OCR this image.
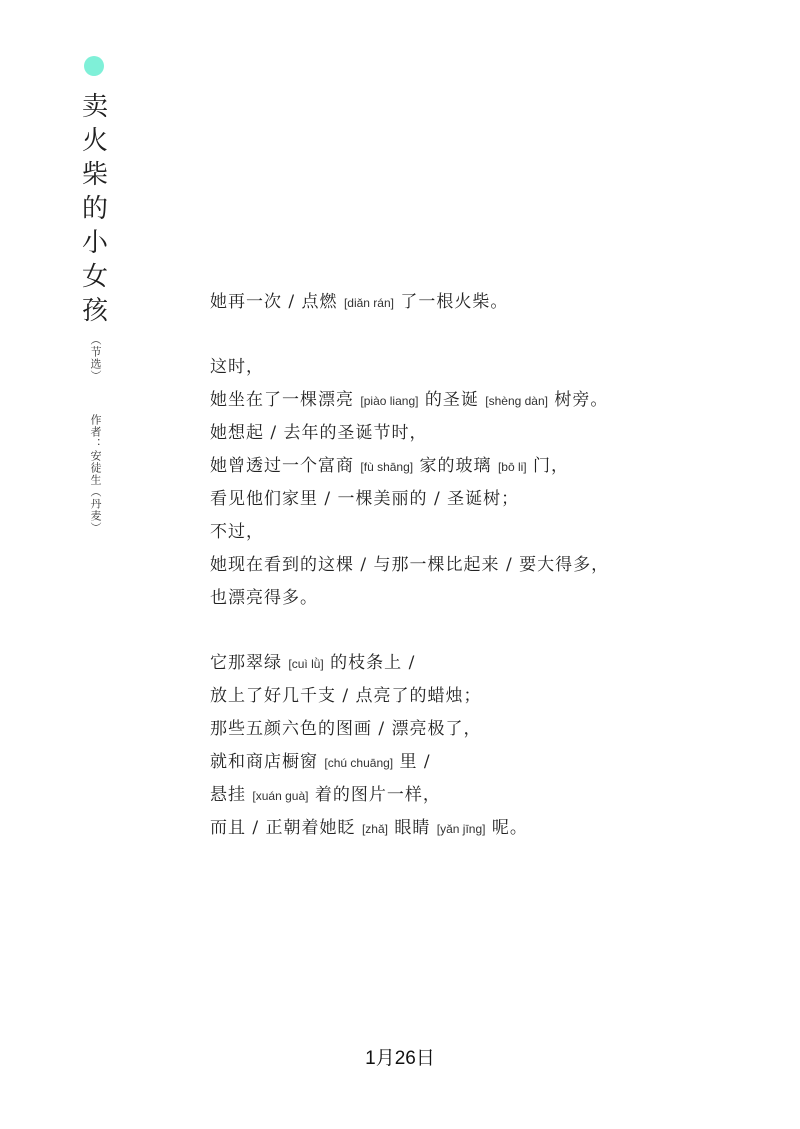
卖
火
柴
的
小
女
孩
（节选）
作者：安徒生（丹麦）
她再一次 / 点燃 [diǎn rán] 了一根火柴。
这时，
她坐在了一棵漂亮 [piào liang] 的圣诞 [shèng dàn] 树旁。
她想起 / 去年的圣诞节时，
她曾透过一个富商 [fù shāng] 家的玻璃 [bō li] 门，
看见他们家里 / 一棵美丽的 / 圣诞树；
不过，
她现在看到的这棵 / 与那一棵比起来 / 要大得多，
也漂亮得多。
它那翠绿 [cuì lǜ] 的枝条上 /
放上了好几千支 / 点亮了的蜡烛；
那些五颜六色的图画 / 漂亮极了，
就和商店橱窗 [chú chuāng] 里 /
悬挂 [xuán guà] 着的图片一样，
而且 / 正朝着她眨 [zhǎ] 眼睛 [yǎn jīng] 呢。
1月26日
